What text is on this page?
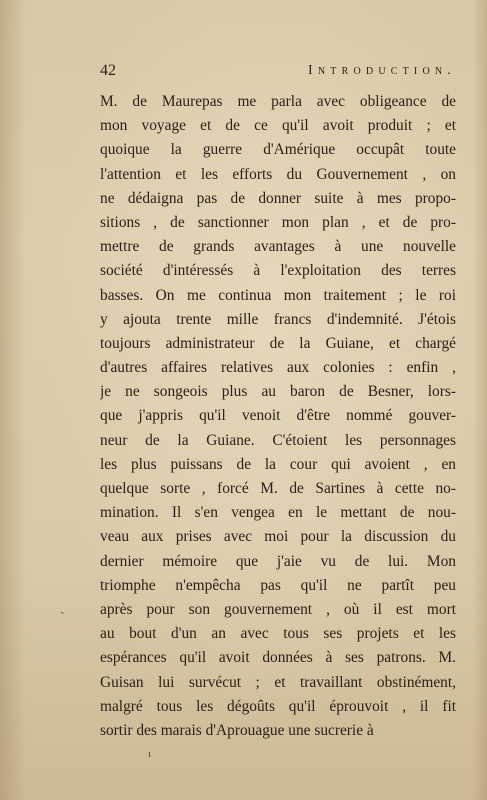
42	Introduction.
M. de Maurepas me parla avec obligeance de
mon voyage et de ce qu'il avoit produit ; et
quoique la guerre d'Amérique occupât toute
l'attention et les efforts du Gouvernement , on
ne dédaigna pas de donner suite à mes propo-
sitions , de sanctionner mon plan , et de pro-
mettre de grands avantages à une nouvelle
société d'intéressés à l'exploitation des terres
basses. On me continua mon traitement ; le roi
y ajouta trente mille francs d'indemnité. J'étois
toujours administrateur de la Guiane, et chargé
d'autres affaires relatives aux colonies : enfin ,
je ne songeois plus au baron de Besner, lors-
que j'appris qu'il venoit d'être nommé gouver-
neur de la Guiane. C'étoient les personnages
les plus puissans de la cour qui avoient , en
quelque sorte , forcé M. de Sartines à cette no-
mination. Il s'en vengea en le mettant de nou-
veau aux prises avec moi pour la discussion du
dernier mémoire que j'aie vu de lui. Mon
triomphe n'empêcha pas qu'il ne partît peu
après pour son gouvernement , où il est mort
au bout d'un an avec tous ses projets et les
espérances qu'il avoit données à ses patrons. M.
Guisan lui survécut ; et travaillant obstinément,
malgré tous les dégoûts qu'il éprouvoit , il fit
sortir des marais d'Aprouague une sucrerie à
ˏ
ı
